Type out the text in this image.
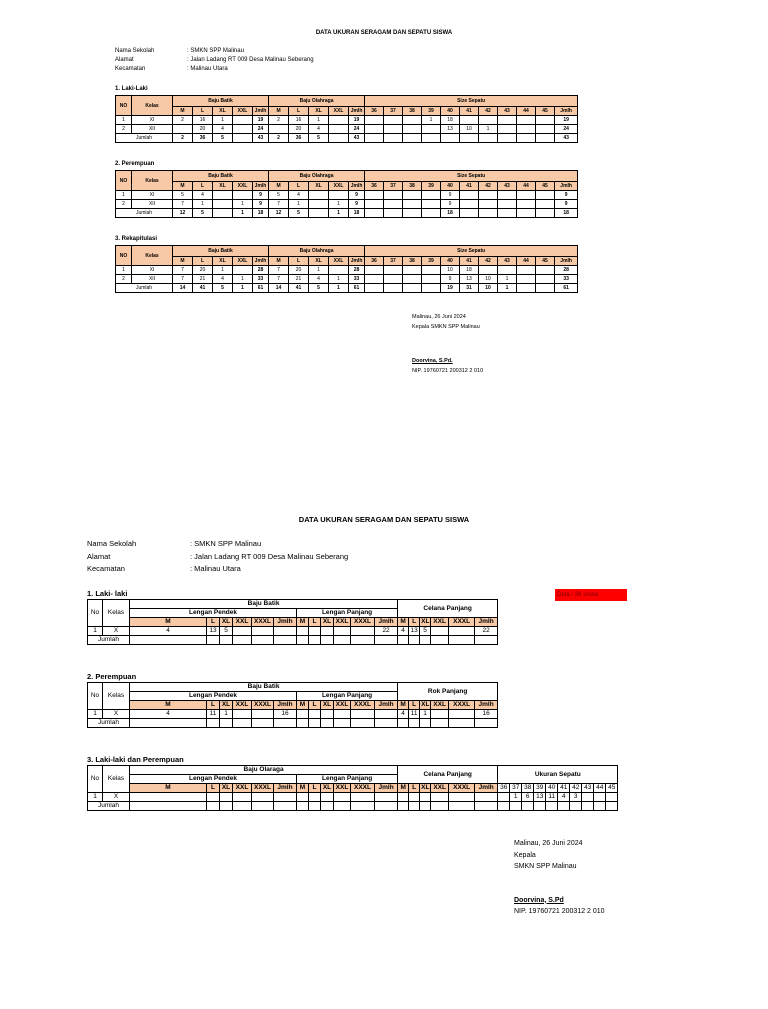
DATA UKURAN SERAGAM DAN SEPATU SISWA
Nama Sekolah	: SMKN SPP Malinau
Alamat	: Jalan Ladang RT 009 Desa Malinau Seberang
Kecamatan	: Malinau Utara
1. Laki-Laki
NO	Kelas	Baju Batik					Baju Olahraga					Size Sepatu										
		M	L	XL	XXL	Jmlh	M	L	XL	XXL	Jmlh	36	37	38	39	40	41	42	43	44	45	Jmlh
1	XI	2	16	1		19	2	16	1		19				1	18						19
2	XII		20	4		24		20	4		24					13	10	1				24
Jumlah		2	36	5		43	2	36	5		43											43
2. Perempuan
NO	Kelas	Baju Batik					Baju Olahraga					Size Sepatu										
		M	L	XL	XXL	Jmlh	M	L	XL	XXL	Jmlh	36	37	38	39	40	41	42	43	44	45	Jmlh
1	XI	5	4			9	5	4			9					9						9
2	XII	7	1		1	9	7	1		1	9					9						9
Jumlah		12	5		1	18	12	5		1	18					18						18
3. Rekapitulasi
NO	Kelas	Baju Batik					Baju Olahraga					Size Sepatu										
		M	L	XL	XXL	Jmlh	M	L	XL	XXL	Jmlh	36	37	38	39	40	41	42	43	44	45	Jmlh
1	XI	7	20	1		28	7	20	1		28					10	18					28
2	XII	7	21	4	1	33	7	21	4	1	33					9	13	10	1			33
Jumlah		14	41	5	1	61	14	41	5	1	61					19	31	10	1			61
Malinau, 26 Juni 2024
Kepala SMKN SPP Malinau
Doorvina, S.Pd.
NIP. 19760721 200312 2 010
DATA UKURAN SERAGAM DAN SEPATU SISWA
Nama Sekolah	: SMKN SPP Malinau
Alamat	: Jalan Ladang RT 009 Desa Malinau Seberang
Kecamatan	: Malinau Utara
Data / 38 siswa
1. Laki- laki
No	Kelas	Baju Batik												Celana Panjang					
		Lengan Pendek						Lengan Panjang											
		M	L	XL	XXL	XXXL	Jmlh	M	L	XL	XXL	XXXL	Jmlh	M	L	XL	XXL	XXXL	Jmlh
1	X	4	13	5									22	4	13	5			22
Jumlah																			
2. Perempuan
No	Kelas	Baju Batik												Rok Panjang					
		Lengan Pendek						Lengan Panjang											
		M	L	XL	XXL	XXXL	Jmlh	M	L	XL	XXL	XXXL	Jmlh	M	L	XL	XXL	XXXL	Jmlh
1	X	4	11	1			16							4	11	1			16
Jumlah																			
3. Laki-laki dan Perempuan
No	Kelas	Baju Olaraga												Celana Panjang						Ukuran Sepatu									
		Lengan Pendek						Lengan Panjang																					
		M	L	XL	XXL	XXXL	Jmlh	M	L	XL	XXL	XXXL	Jmlh	M	L	XL	XXL	XXXL	Jmlh	36	37	38	39	40	41	42	43	44	45
1	X																				1	6	13	11	4	3			
Jumlah																													
Malinau, 26 Juni 2024
Kepala
SMKN SPP Malinau
Doorvina, S.Pd
NIP. 19760721 200312 2 010
